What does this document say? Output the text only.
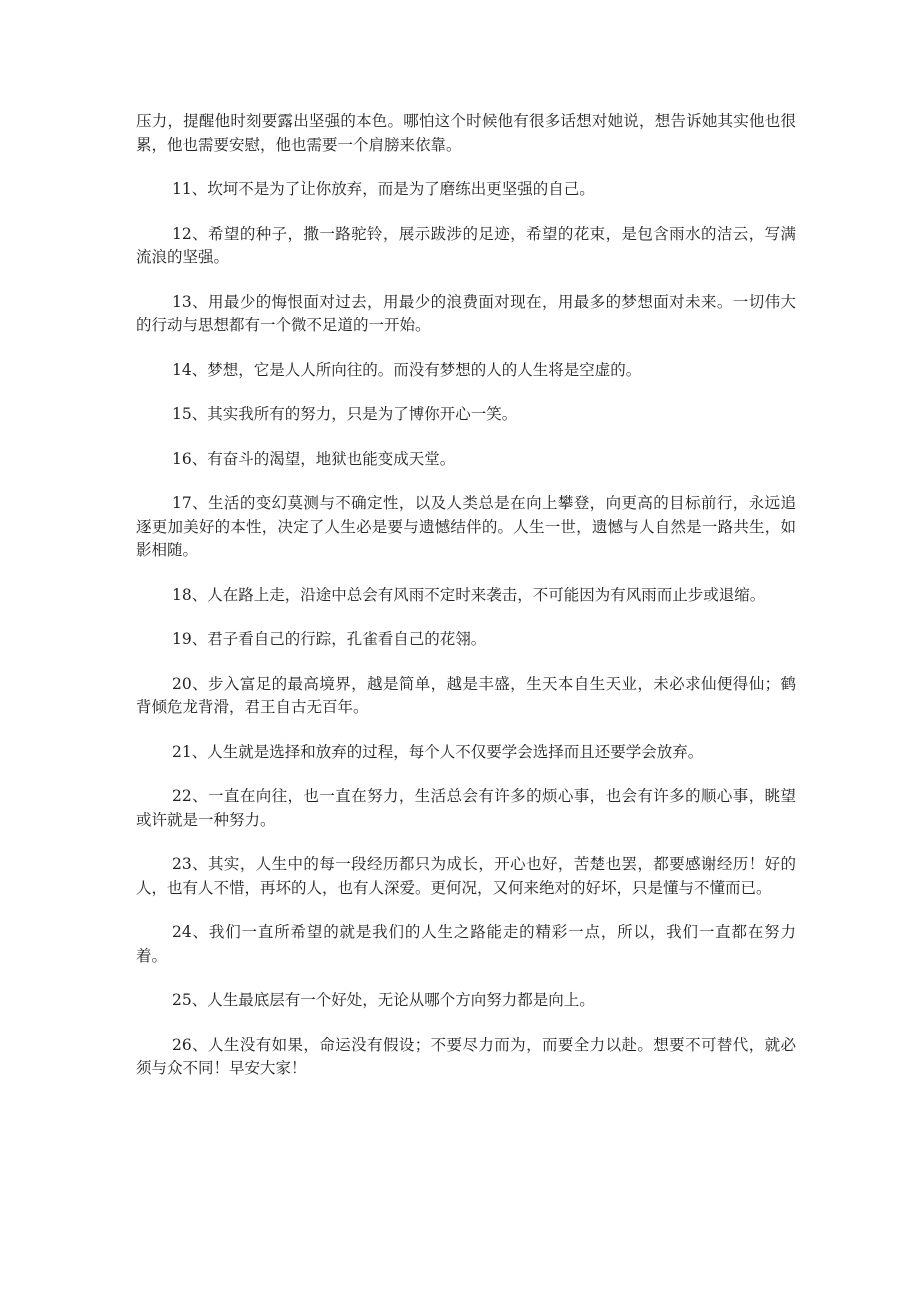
压力，提醒他时刻要露出坚强的本色。哪怕这个时候他有很多话想对她说，想告诉她其实他也很累，他也需要安慰，他也需要一个肩膀来依靠。

11、坎坷不是为了让你放弃，而是为了磨练出更坚强的自己。

12、希望的种子，撒一路驼铃，展示跋涉的足迹，希望的花束，是包含雨水的洁云，写满流浪的坚强。

13、用最少的悔恨面对过去，用最少的浪费面对现在，用最多的梦想面对未来。一切伟大的行动与思想都有一个微不足道的一开始。

14、梦想，它是人人所向往的。而没有梦想的人的人生将是空虚的。

15、其实我所有的努力，只是为了博你开心一笑。

16、有奋斗的渴望，地狱也能变成天堂。

17、生活的变幻莫测与不确定性，以及人类总是在向上攀登，向更高的目标前行，永远追逐更加美好的本性，决定了人生必是要与遗憾结伴的。人生一世，遗憾与人自然是一路共生，如影相随。

18、人在路上走，沿途中总会有风雨不定时来袭击，不可能因为有风雨而止步或退缩。

19、君子看自己的行踪，孔雀看自己的花翎。

20、步入富足的最高境界，越是简单，越是丰盛，生天本自生天业，未必求仙便得仙；鹤背倾危龙背滑，君王自古无百年。

21、人生就是选择和放弃的过程，每个人不仅要学会选择而且还要学会放弃。

22、一直在向往，也一直在努力，生活总会有许多的烦心事，也会有许多的顺心事，眺望或许就是一种努力。

23、其实，人生中的每一段经历都只为成长，开心也好，苦楚也罢，都要感谢经历！好的人，也有人不惜，再坏的人，也有人深爱。更何况，又何来绝对的好坏，只是懂与不懂而已。

24、我们一直所希望的就是我们的人生之路能走的精彩一点，所以，我们一直都在努力着。

25、人生最底层有一个好处，无论从哪个方向努力都是向上。

26、人生没有如果，命运没有假设；不要尽力而为，而要全力以赴。想要不可替代，就必须与众不同！早安大家！
